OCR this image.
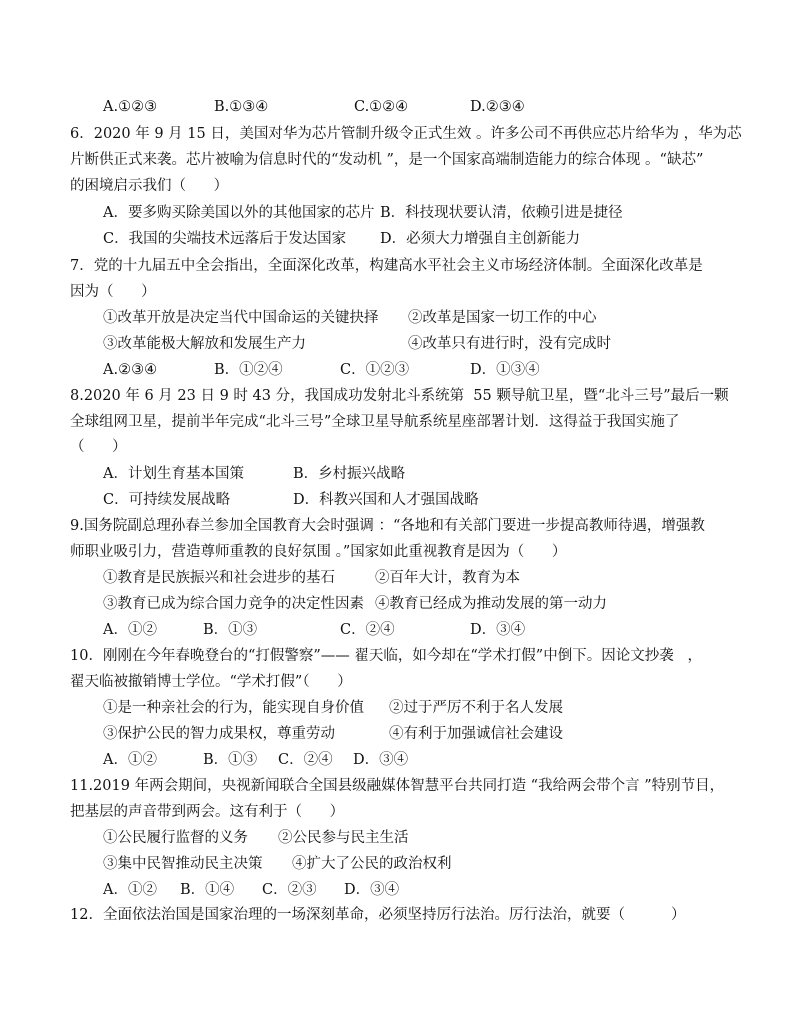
A.①②③	B.①③④	C.①②④	D.②③④
6．2020 年 9 月 15 日，美国对华为芯片管制升级令正式生效 。许多公司不再供应芯片给华为 ，华为芯
片断供正式来袭。芯片被喻为信息时代的“发动机 ”，是一个国家高端制造能力的综合体现 。“缺芯”
的困境启示我们（      ）
A．要多购买除美国以外的其他国家的芯片 B．科技现状要认清，依赖引进是捷径
C．我国的尖端技术远落后于发达国家 D．必须大力增强自主创新能力
7．党的十九届五中全会指出，全面深化改革，构建高水平社会主义市场经济体制。全面深化改革是
因为（      ）
①改革开放是决定当代中国命运的关键抉择 ②改革是国家一切工作的中心
③改革能极大解放和发展生产力	④改革只有进行时，没有完成时
A.②③④	B．①②④	C．①②③	D．①③④
8.2020 年 6 月 23 日 9 时 43 分，我国成功发射北斗系统第  55 颗导航卫星，暨“北斗三号”最后一颗
全球组网卫星，提前半年完成“北斗三号”全球卫星导航系统星座部署计划．这得益于我国实施了
（      ）
A．计划生育基本国策	B．乡村振兴战略
C．可持续发展战略	D．科教兴国和人才强国战略
9.国务院副总理孙春兰参加全国教育大会时强调 ：“各地和有关部门要进一步提高教师待遇，增强教
师职业吸引力，营造尊师重教的良好氛围 。”国家如此重视教育是因为（      ）
①教育是民族振兴和社会进步的基石	②百年大计，教育为本
③教育已成为综合国力竞争的决定性因素 ④教育已经成为推动发展的第一动力
A．①②	B．①③	C．②④	D．③④
10．刚刚在今年春晚登台的“打假警察”—— 翟天临，如今却在“学术打假”中倒下。因论文抄袭   ，
翟天临被撤销博士学位。“学术打假”（      ）
①是一种亲社会的行为，能实现自身价值 ②过于严厉不利于名人发展
③保护公民的智力成果权，尊重劳动	④有利于加强诚信社会建设
A．①②	B．①③ C．②④ D．③④
11.2019 年两会期间，央视新闻联合全国县级融媒体智慧平台共同打造 “我给两会带个言 ”特别节目，
把基层的声音带到两会。这有利于（      ）
①公民履行监督的义务 ②公民参与民主生活
③集中民智推动民主决策 ④扩大了公民的政治权利
A．①② B．①④ C．②③ D．③④
12．全面依法治国是国家治理的一场深刻革命，必须坚持厉行法治。厉行法治，就要（          ）
